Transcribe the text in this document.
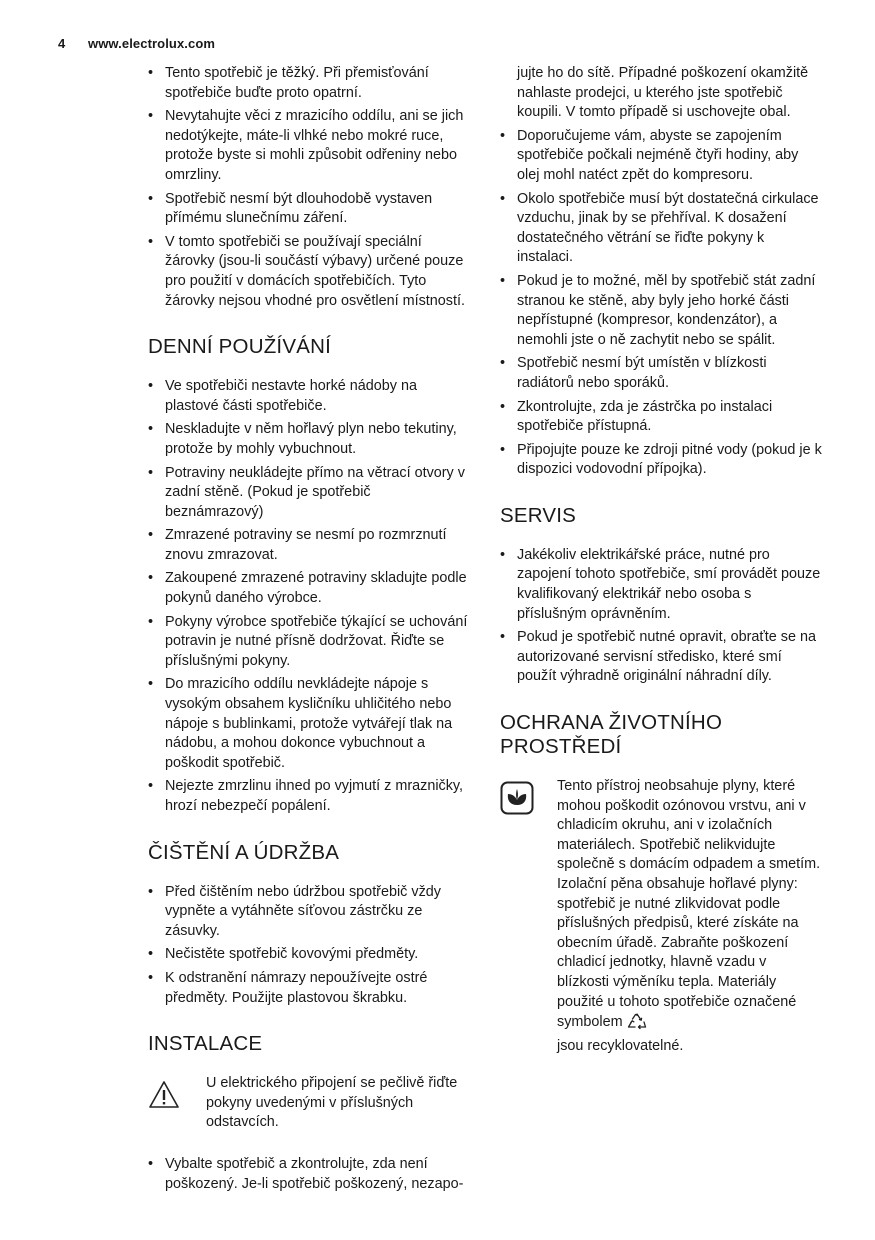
4 www.electrolux.com
• Tento spotřebič je těžký. Při přemisťování spotřebiče buďte proto opatrní.
• Nevytahujte věci z mrazicího oddílu, ani se jich nedotýkejte, máte-li vlhké nebo mokré ruce, protože byste si mohli způsobit odřeniny nebo omrzliny.
• Spotřebič nesmí být dlouhodobě vystaven přímému slunečnímu záření.
• V tomto spotřebiči se používají speciální žárovky (jsou-li součástí výbavy) určené pouze pro použití v domácích spotřebičích. Tyto žárovky nejsou vhodné pro osvětlení místností.
DENNÍ POUŽÍVÁNÍ
• Ve spotřebiči nestavte horké nádoby na plastové části spotřebiče.
• Neskladujte v něm hořlavý plyn nebo tekutiny, protože by mohly vybuchnout.
• Potraviny neukládejte přímo na větrací otvory v zadní stěně. (Pokud je spotřebič beznámrazový)
• Zmrazené potraviny se nesmí po rozmrznutí znovu zmrazovat.
• Zakoupené zmrazené potraviny skladujte podle pokynů daného výrobce.
• Pokyny výrobce spotřebiče týkající se uchování potravin je nutné přísně dodržovat. Řiďte se příslušnými pokyny.
• Do mrazicího oddílu nevkládejte nápoje s vysokým obsahem kysličníku uhličitého nebo nápoje s bublinkami, protože vytvářejí tlak na nádobu, a mohou dokonce vybuchnout a poškodit spotřebič.
• Nejezte zmrzlinu ihned po vyjmutí z mrazničky, hrozí nebezpečí popálení.
ČIŠTĚNÍ A ÚDRŽBA
• Před čištěním nebo údržbou spotřebič vždy vypněte a vytáhněte síťovou zástrčku ze zásuvky.
• Nečistěte spotřebič kovovými předměty.
• K odstranění námrazy nepoužívejte ostré předměty. Použijte plastovou škrabku.
INSTALACE
U elektrického připojení se pečlivě řiďte pokyny uvedenými v příslušných odstavcích.
• Vybalte spotřebič a zkontrolujte, zda není poškozený. Je-li spotřebič poškozený, nezapo-
jujte ho do sítě. Případné poškození okamžitě nahlaste prodejci, u kterého jste spotřebič koupili. V tomto případě si uschovejte obal.
• Doporučujeme vám, abyste se zapojením spotřebiče počkali nejméně čtyři hodiny, aby olej mohl natéct zpět do kompresoru.
• Okolo spotřebiče musí být dostatečná cirkulace vzduchu, jinak by se přehříval. K dosažení dostatečného větrání se řiďte pokyny k instalaci.
• Pokud je to možné, měl by spotřebič stát zadní stranou ke stěně, aby byly jeho horké části nepřístupné (kompresor, kondenzátor), a nemohli jste o ně zachytit nebo se spálit.
• Spotřebič nesmí být umístěn v blízkosti radiátorů nebo sporáků.
• Zkontrolujte, zda je zástrčka po instalaci spotřebiče přístupná.
• Připojujte pouze ke zdroji pitné vody (pokud je k dispozici vodovodní přípojka).
SERVIS
• Jakékoliv elektrikářské práce, nutné pro zapojení tohoto spotřebiče, smí provádět pouze kvalifikovaný elektrikář nebo osoba s příslušným oprávněním.
• Pokud je spotřebič nutné opravit, obraťte se na autorizované servisní středisko, které smí použít výhradně originální náhradní díly.
OCHRANA ŽIVOTNÍHO PROSTŘEDÍ
Tento přístroj neobsahuje plyny, které mohou poškodit ozónovou vrstvu, ani v chladicím okruhu, ani v izolačních materiálech. Spotřebič nelikvidujte společně s domácím odpadem a smetím. Izolační pěna obsahuje hořlavé plyny: spotřebič je nutné zlikvidovat podle příslušných předpisů, které získáte na obecním úřadě. Zabraňte poškození chladicí jednotky, hlavně vzadu v blízkosti výměníku tepla. Materiály použité u tohoto spotřebiče označené symbolem
jsou recyklovatelné.
